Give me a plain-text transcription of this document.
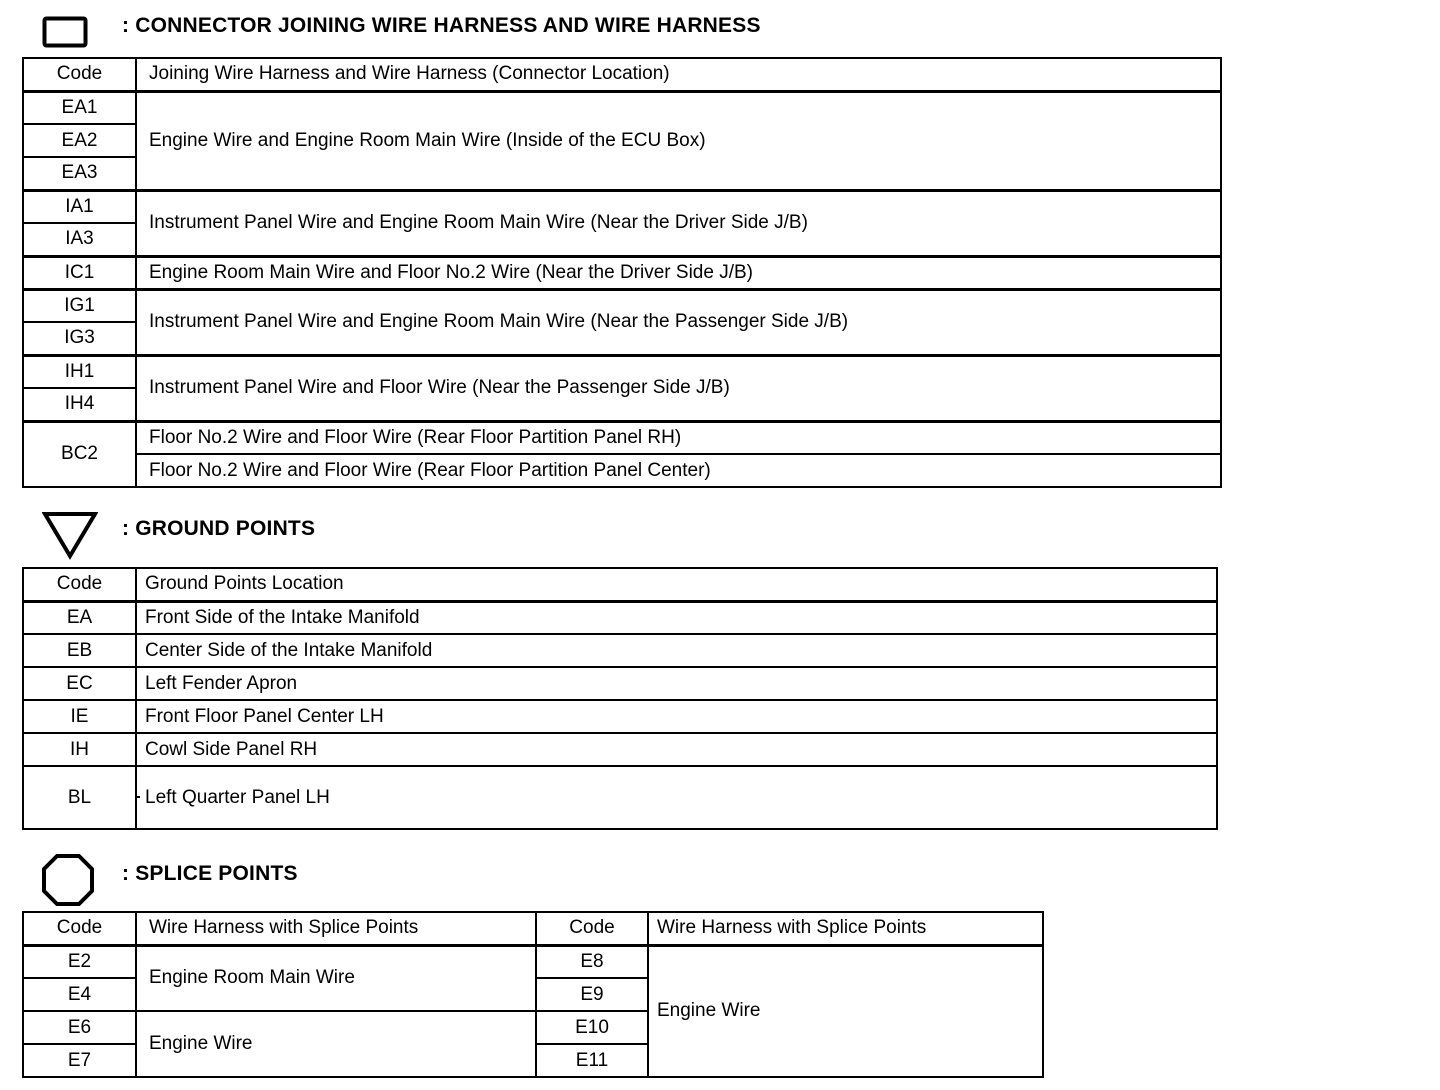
: CONNECTOR JOINING WIRE HARNESS AND WIRE HARNESS
Code	Joining Wire Harness and Wire Harness (Connector Location)
EA1	Engine Wire and Engine Room Main Wire (Inside of the ECU Box)
EA2	
EA3	
IA1	Instrument Panel Wire and Engine Room Main Wire (Near the Driver Side J/B)
IA3	
IC1	Engine Room Main Wire and Floor No.2 Wire (Near the Driver Side J/B)
IG1	Instrument Panel Wire and Engine Room Main Wire (Near the Passenger Side J/B)
IG3	
IH1	Instrument Panel Wire and Floor Wire (Near the Passenger Side J/B)
IH4	
BC2	Floor No.2 Wire and Floor Wire (Rear Floor Partition Panel RH)
	Floor No.2 Wire and Floor Wire (Rear Floor Partition Panel Center)
: GROUND POINTS
Code	Ground Points Location
EA	Front Side of the Intake Manifold
EB	Center Side of the Intake Manifold
EC	Left Fender Apron
IE	Front Floor Panel Center LH
IH	Cowl Side Panel RH
BL	Left Quarter Panel LH
: SPLICE POINTS
Code	Wire Harness with Splice Points	Code	Wire Harness with Splice Points
E2	Engine Room Main Wire	E8	Engine Wire
E4		E9	
E6	Engine Wire	E10	
E7		E11	
